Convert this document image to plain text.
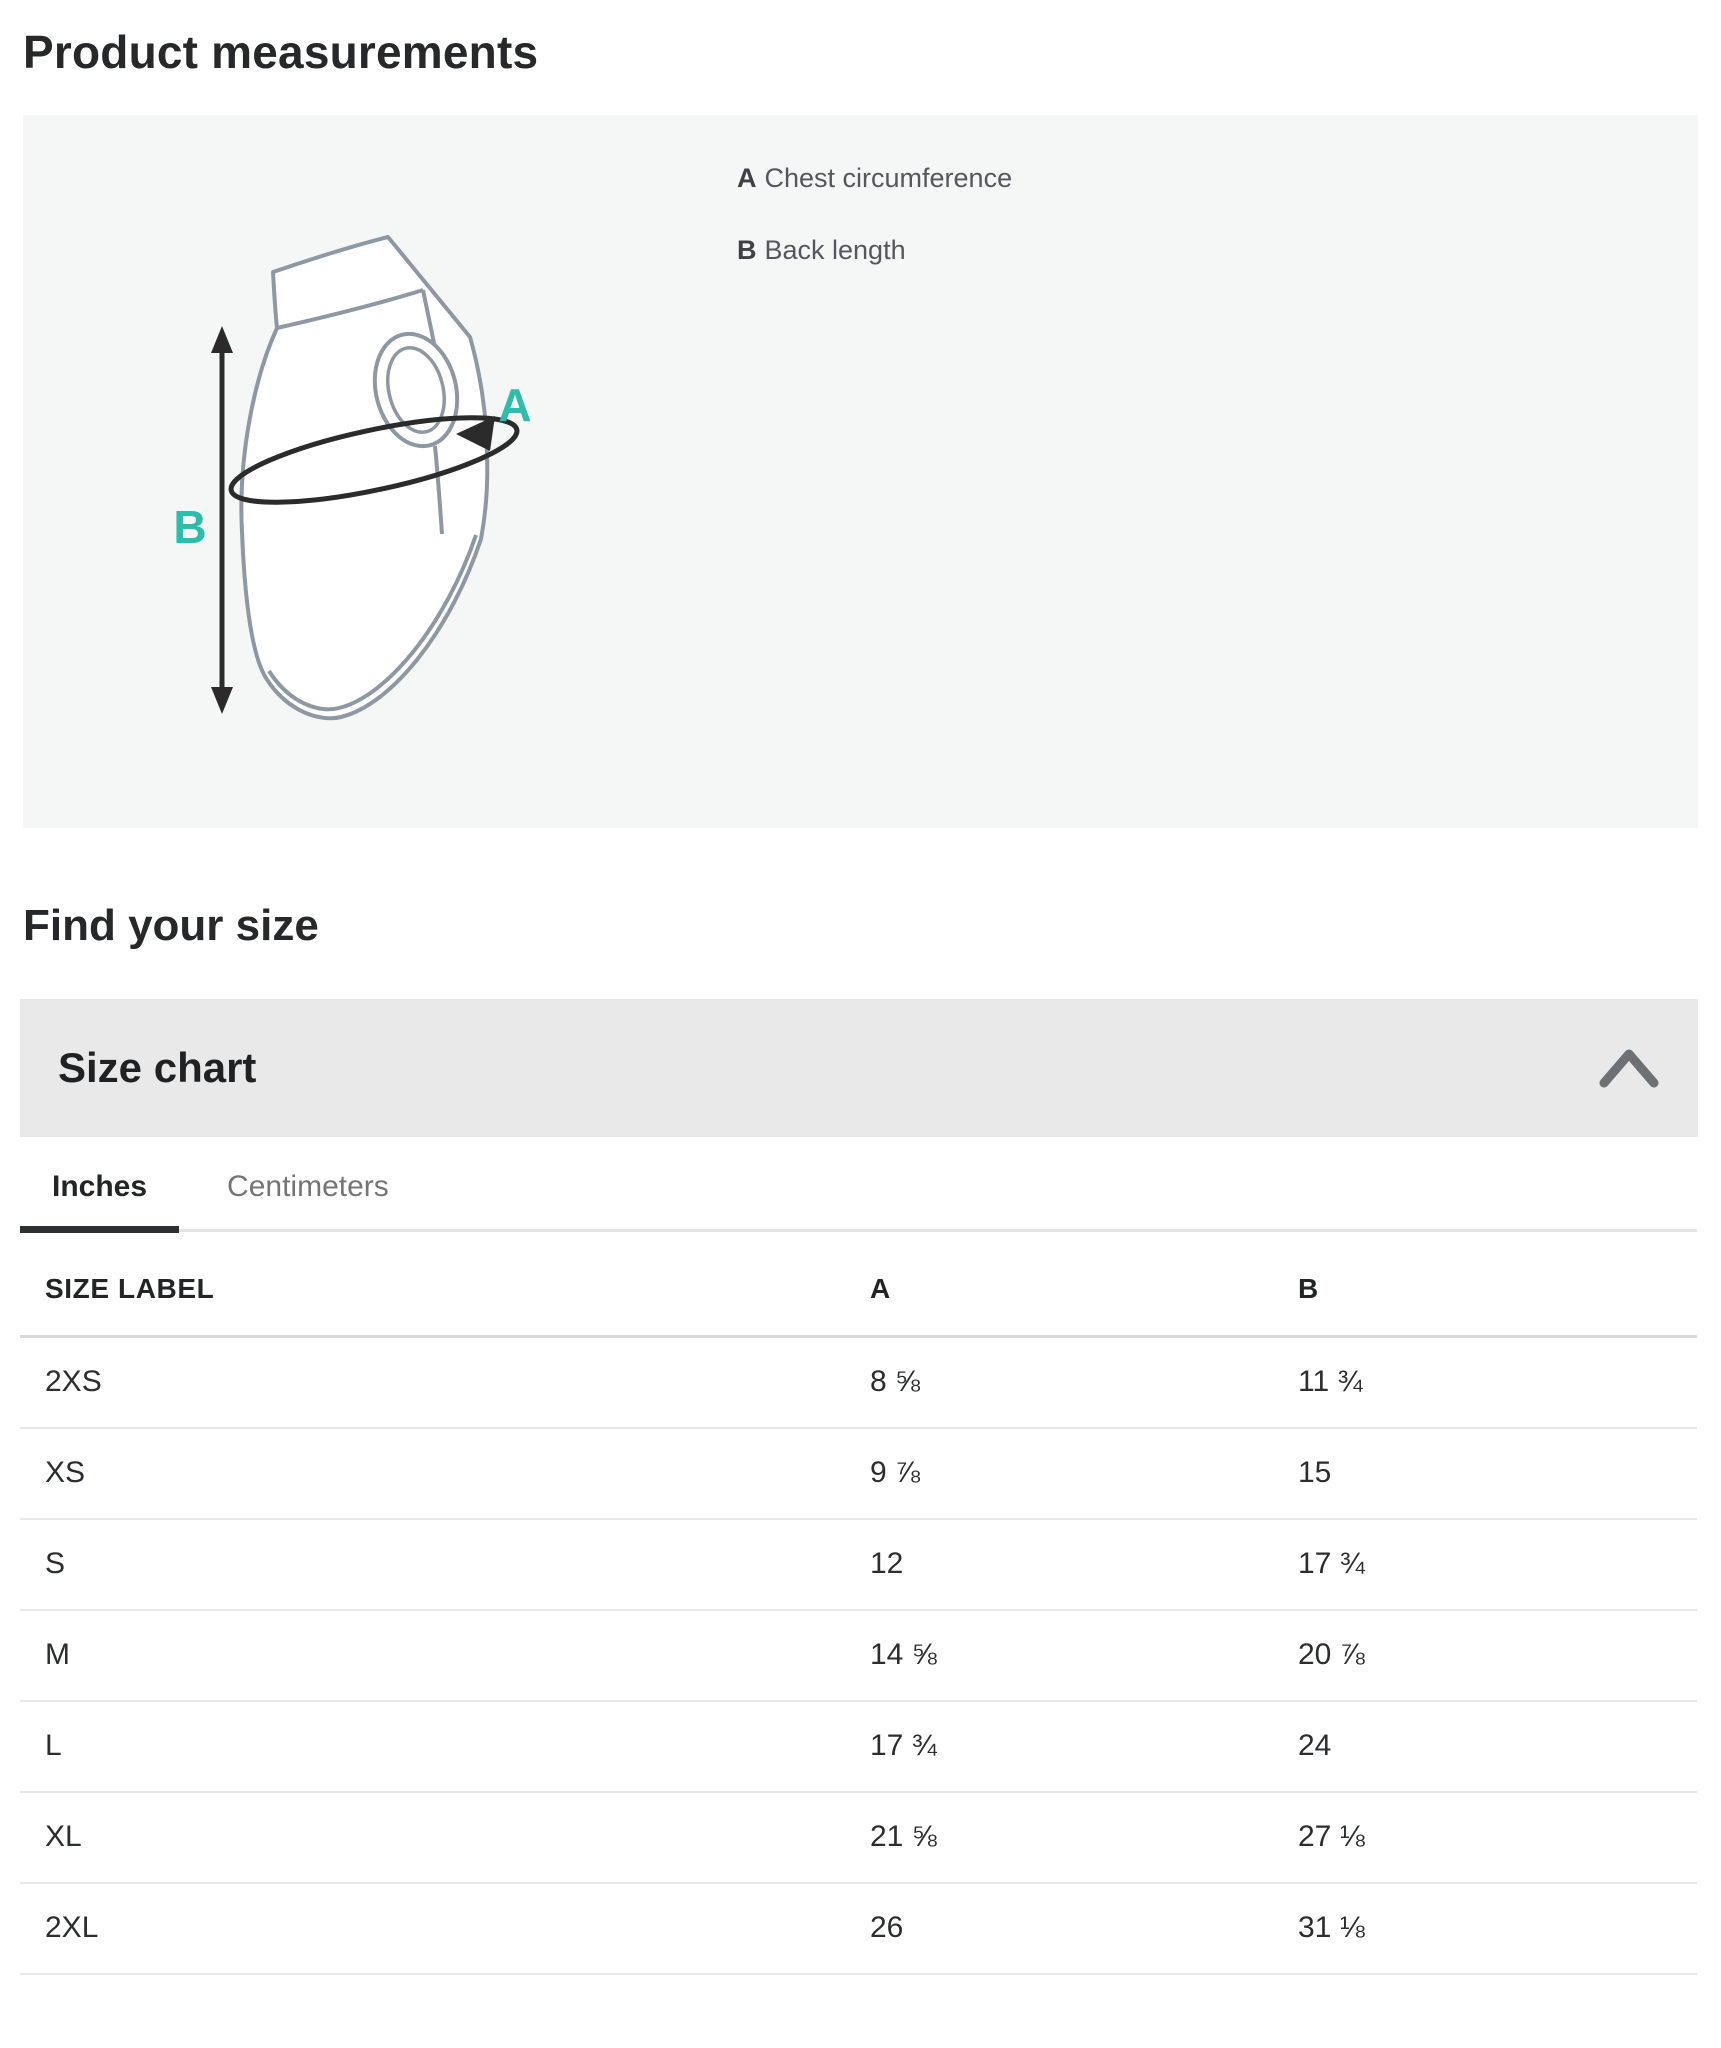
Product measurements
A
B
A Chest circumference
B Back length
Find your size
Size chart
Inches	Centimeters
SIZE LABEL	A	B
2XS	8 ⅝	11 ¾
XS	9 ⅞	15
S	12	17 ¾
M	14 ⅝	20 ⅞
L	17 ¾	24
XL	21 ⅝	27 ⅛
2XL	26	31 ⅛
